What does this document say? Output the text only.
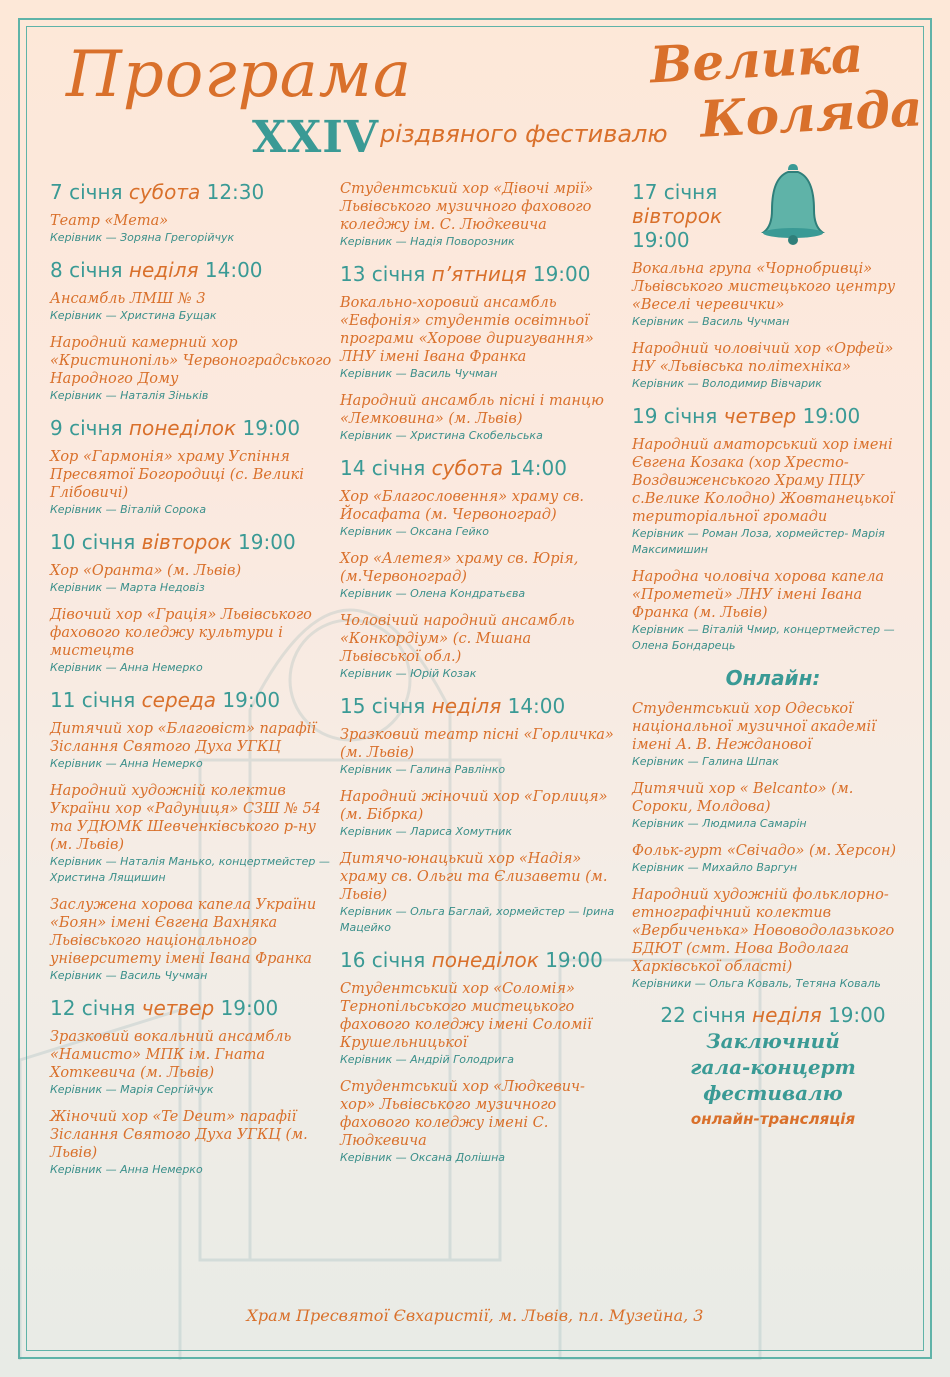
Програма
XXIV різдвяного фестивалю
Велика
Коляда
7 січня субота 12:30
Театр «Мета»
Керівник — Зоряна Грегорійчук
8 січня неділя 14:00
Ансамбль ЛМШ № 3
Керівник — Христина Бущак
Народний камерний хор «Кристинопіль» Червоноградського Народного Дому
Керівник — Наталія Зіньків
9 січня понеділок 19:00
Хор «Гармонія» храму Успіння Пресвятої Богородиці (с. Великі Глібовичі)
Керівник — Віталій Сорока
10 січня вівторок 19:00
Хор «Оранта» (м. Львів)
Керівник — Марта Недовіз
Дівочий хор «Грація» Львівського фахового коледжу культури і мистецтв
Керівник — Анна Немерко
11 січня середа 19:00
Дитячий хор «Благовіст» парафії Зіслання Святого Духа УГКЦ
Керівник — Анна Немерко
Народний художній колектив України хор «Радуниця» СЗШ № 54 та УДЮМК Шевченківського р-ну (м. Львів)
Керівник — Наталія Манько, концертмейстер — Христина Лящишин
Заслужена хорова капела України «Боян» імені Євгена Вахняка Львівського національного університету імені Івана Франка
Керівник — Василь Чучман
12 січня четвер 19:00
Зразковий вокальний ансамбль «Намисто» МПК ім. Гната Хоткевича (м. Львів)
Керівник — Марія Сергійчук
Жіночий хор «Te Deum» парафії Зіслання Святого Духа УГКЦ (м. Львів)
Керівник — Анна Немерко
Студентський хор «Дівочі мрії» Львівського музичного фахового коледжу ім. С. Людкевича
Керівник — Надія Поворозник
13 січня п’ятниця 19:00
Вокально-хоровий ансамбль «Евфонія» студентів освітньої програми «Хорове диригування» ЛНУ імені Івана Франка
Керівник — Василь Чучман
Народний ансамбль пісні і танцю «Лемковина» (м. Львів)
Керівник — Христина Скобельська
14 січня субота 14:00
Хор «Благословення» храму св. Йосафата (м. Червоноград)
Керівник — Оксана Гейко
Хор «Алетея» храму св. Юрія, (м.Червоноград)
Керівник — Олена Кондратьєва
Чоловічий народний ансамбль «Конкордіум» (с. Мшана Львівської обл.)
Керівник — Юрій Козак
15 січня неділя 14:00
Зразковий театр пісні «Горличка» (м. Львів)
Керівник — Галина Равлінко
Народний жіночий хор «Горлиця» (м. Бібрка)
Керівник — Лариса Хомутник
Дитячо-юнацький хор «Надія» храму св. Ольги та Єлизавети (м. Львів)
Керівник — Ольга Баглай, хормейстер — Ірина Мацейко
16 січня понеділок 19:00
Студентський хор «Соломія» Тернопільського мистецького фахового коледжу імені Соломії Крушельницької
Керівник — Андрій Голодрига
Студентський хор «Людкевич-хор» Львівського музичного фахового коледжу імені С. Людкевича
Керівник — Оксана Долішна
17 січня
вівторок
19:00
Вокальна група «Чорнобривці» Львівського мистецького центру «Веселі черевички»
Керівник — Василь Чучман
Народний чоловічий хор «Орфей» НУ «Львівська політехніка»
Керівник — Володимир Вівчарик
19 січня четвер 19:00
Народний аматорський хор імені Євгена Козака (хор Хресто-Воздвиженського Храму ПЦУ с.Велике Колодно) Жовтанецької територіальної громади
Керівник — Роман Лоза, хормейстер- Марія Максимишин
Народна чоловіча хорова капела «Прометей» ЛНУ імені Івана Франка (м. Львів)
Керівник — Віталій Чмир, концертмейстер — Олена Бондарець
Онлайн:
Студентський хор Одеської національної музичної академії імені А. В. Нежданової
Керівник — Галина Шпак
Дитячий хор « Belcanto» (м. Сороки, Молдова)
Керівник — Людмила Самарін
Фольк-гурт «Свічадо» (м. Херсон)
Керівник — Михайло Варгун
Народний художній фольклорно-етнографічний колектив «Вербиченька» Нововодолазького БДЮТ (смт. Нова Водолага Харківської області)
Керівники — Ольга Коваль, Тетяна Коваль
22 січня неділя 19:00
Заключний
гала-концерт
фестивалю
онлайн-трансляція
Храм Пресвятої Євхаристії, м. Львів, пл. Музейна, 3
